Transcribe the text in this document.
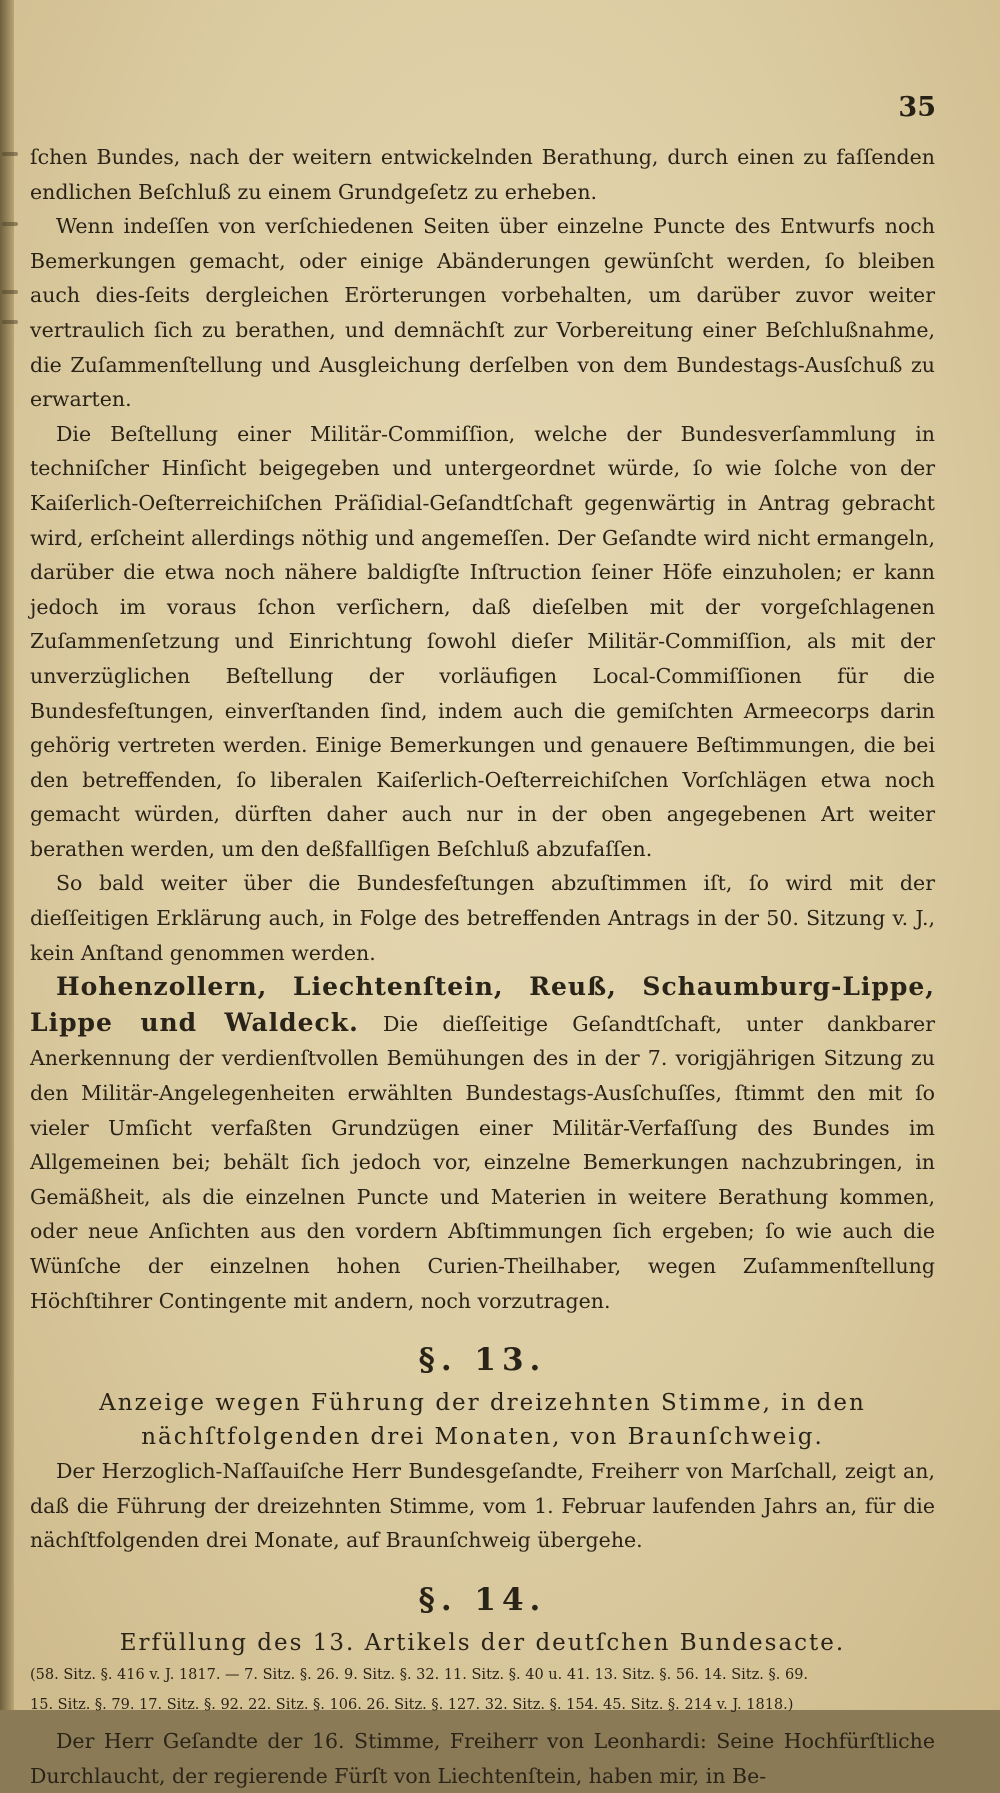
35

ſchen Bundes, nach der weitern entwickelnden Berathung, durch einen zu faſſenden endlichen Beſchluß zu einem Grundgeſetz zu erheben.

Wenn indeſſen von verſchiedenen Seiten über einzelne Puncte des Entwurfs noch Bemerkungen gemacht, oder einige Abänderungen gewünſcht werden, ſo bleiben auch dies-ſeits dergleichen Erörterungen vorbehalten, um darüber zuvor weiter vertraulich ſich zu berathen, und demnächſt zur Vorbereitung einer Beſchlußnahme, die Zuſammenſtellung und Ausgleichung derſelben von dem Bundestags-Ausſchuß zu erwarten.

Die Beſtellung einer Militär-Commiſſion, welche der Bundesverſammlung in techniſcher Hinſicht beigegeben und untergeordnet würde, ſo wie ſolche von der Kaiſerlich-Oeſterreichiſchen Präſidial-Geſandtſchaft gegenwärtig in Antrag gebracht wird, erſcheint allerdings nöthig und angemeſſen. Der Geſandte wird nicht ermangeln, darüber die etwa noch nähere baldigſte Inſtruction ſeiner Höfe einzuholen; er kann jedoch im voraus ſchon verſichern, daß dieſelben mit der vorgeſchlagenen Zuſammenſetzung und Einrichtung ſowohl dieſer Militär-Commiſſion, als mit der unverzüglichen Beſtellung der vorläufigen Local-Commiſſionen für die Bundesfeſtungen, einverſtanden ſind, indem auch die gemiſchten Armeecorps darin gehörig vertreten werden. Einige Bemerkungen und genauere Beſtimmungen, die bei den betreffenden, ſo liberalen Kaiſerlich-Oeſterreichiſchen Vorſchlägen etwa noch gemacht würden, dürften daher auch nur in der oben angegebenen Art weiter berathen werden, um den deßfallſigen Beſchluß abzufaſſen.

So bald weiter über die Bundesfeſtungen abzuſtimmen iſt, ſo wird mit der dieſſeitigen Erklärung auch, in Folge des betreffenden Antrags in der 50. Sitzung v. J., kein Anſtand genommen werden.

Hohenzollern, Liechtenſtein, Reuß, Schaumburg-Lippe, Lippe und Waldeck. Die dieſſeitige Geſandtſchaft, unter dankbarer Anerkennung der verdienſtvollen Bemühungen des in der 7. vorigjährigen Sitzung zu den Militär-Angelegenheiten erwählten Bundestags-Ausſchuſſes, ſtimmt den mit ſo vieler Umſicht verfaßten Grundzügen einer Militär-Verfaſſung des Bundes im Allgemeinen bei; behält ſich jedoch vor, einzelne Bemerkungen nachzubringen, in Gemäßheit, als die einzelnen Puncte und Materien in weitere Berathung kommen, oder neue Anſichten aus den vordern Abſtimmungen ſich ergeben; ſo wie auch die Wünſche der einzelnen hohen Curien-Theilhaber, wegen Zuſammenſtellung Höchſtihrer Contingente mit andern, noch vorzutragen.

§. 13.

Anzeige wegen Führung der dreizehnten Stimme, in den nächſtfolgenden drei Monaten, von Braunſchweig.

Der Herzoglich-Naſſauiſche Herr Bundesgeſandte, Freiherr von Marſchall, zeigt an, daß die Führung der dreizehnten Stimme, vom 1. Februar laufenden Jahrs an, für die nächſtfolgenden drei Monate, auf Braunſchweig übergehe.

§. 14.

Erfüllung des 13. Artikels der deutſchen Bundesacte.

(58. Sitz. §. 416 v. J. 1817. — 7. Sitz. §. 26. 9. Sitz. §. 32. 11. Sitz. §. 40 u. 41. 13. Sitz. §. 56. 14. Sitz. §. 69.

15. Sitz. §. 79. 17. Sitz. §. 92. 22. Sitz. §. 106. 26. Sitz. §. 127. 32. Sitz. §. 154. 45. Sitz. §. 214 v. J. 1818.)

Der Herr Geſandte der 16. Stimme, Freiherr von Leonhardi: Seine Hochfürſtliche Durchlaucht, der regierende Fürſt von Liechtenſtein, haben mir, in Be-
